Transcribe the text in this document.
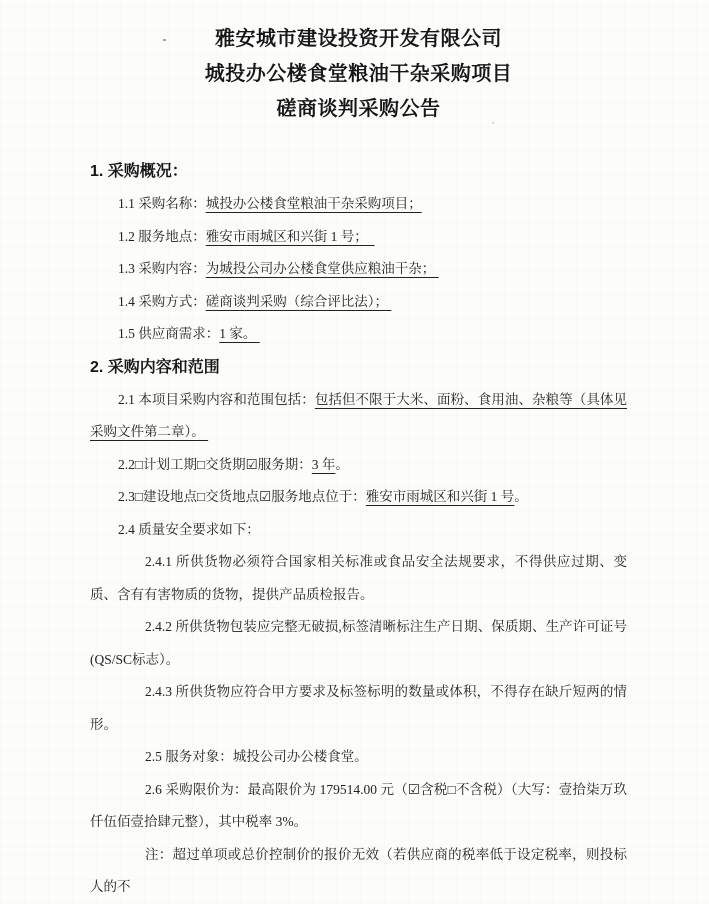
雅安城市建设投资开发有限公司
城投办公楼食堂粮油干杂采购项目
磋商谈判采购公告
1. 采购概况：

1.1 采购名称：城投办公楼食堂粮油干杂采购项目；

1.2 服务地点：雅安市雨城区和兴街 1 号；

1.3 采购内容：为城投公司办公楼食堂供应粮油干杂；

1.4 采购方式：磋商谈判采购（综合评比法）；

1.5 供应商需求：1 家。

2. 采购内容和范围

2.1 本项目采购内容和范围包括：包括但不限于大米、面粉、食用油、杂粮等（具体见采购文件第二章）。

2.2□计划工期□交货期☑服务期：3 年。

2.3□建设地点□交货地点☑服务地点位于：雅安市雨城区和兴街 1 号。

2.4 质量安全要求如下：

2.4.1 所供货物必须符合国家相关标准或食品安全法规要求，不得供应过期、变质、含有有害物质的货物，提供产品质检报告。

2.4.2 所供货物包装应完整无破损,标签清晰标注生产日期、保质期、生产许可证号(QS/SC标志）。

2.4.3 所供货物应符合甲方要求及标签标明的数量或体积，不得存在缺斤短两的情形。

2.5 服务对象：城投公司办公楼食堂。

2.6 采购限价为：最高限价为 179514.00 元（☑含税□不含税）（大写：壹拾柒万玖仟伍佰壹拾肆元整），其中税率 3%。

注：超过单项或总价控制价的报价无效（若供应商的税率低于设定税率，则投标人的不
